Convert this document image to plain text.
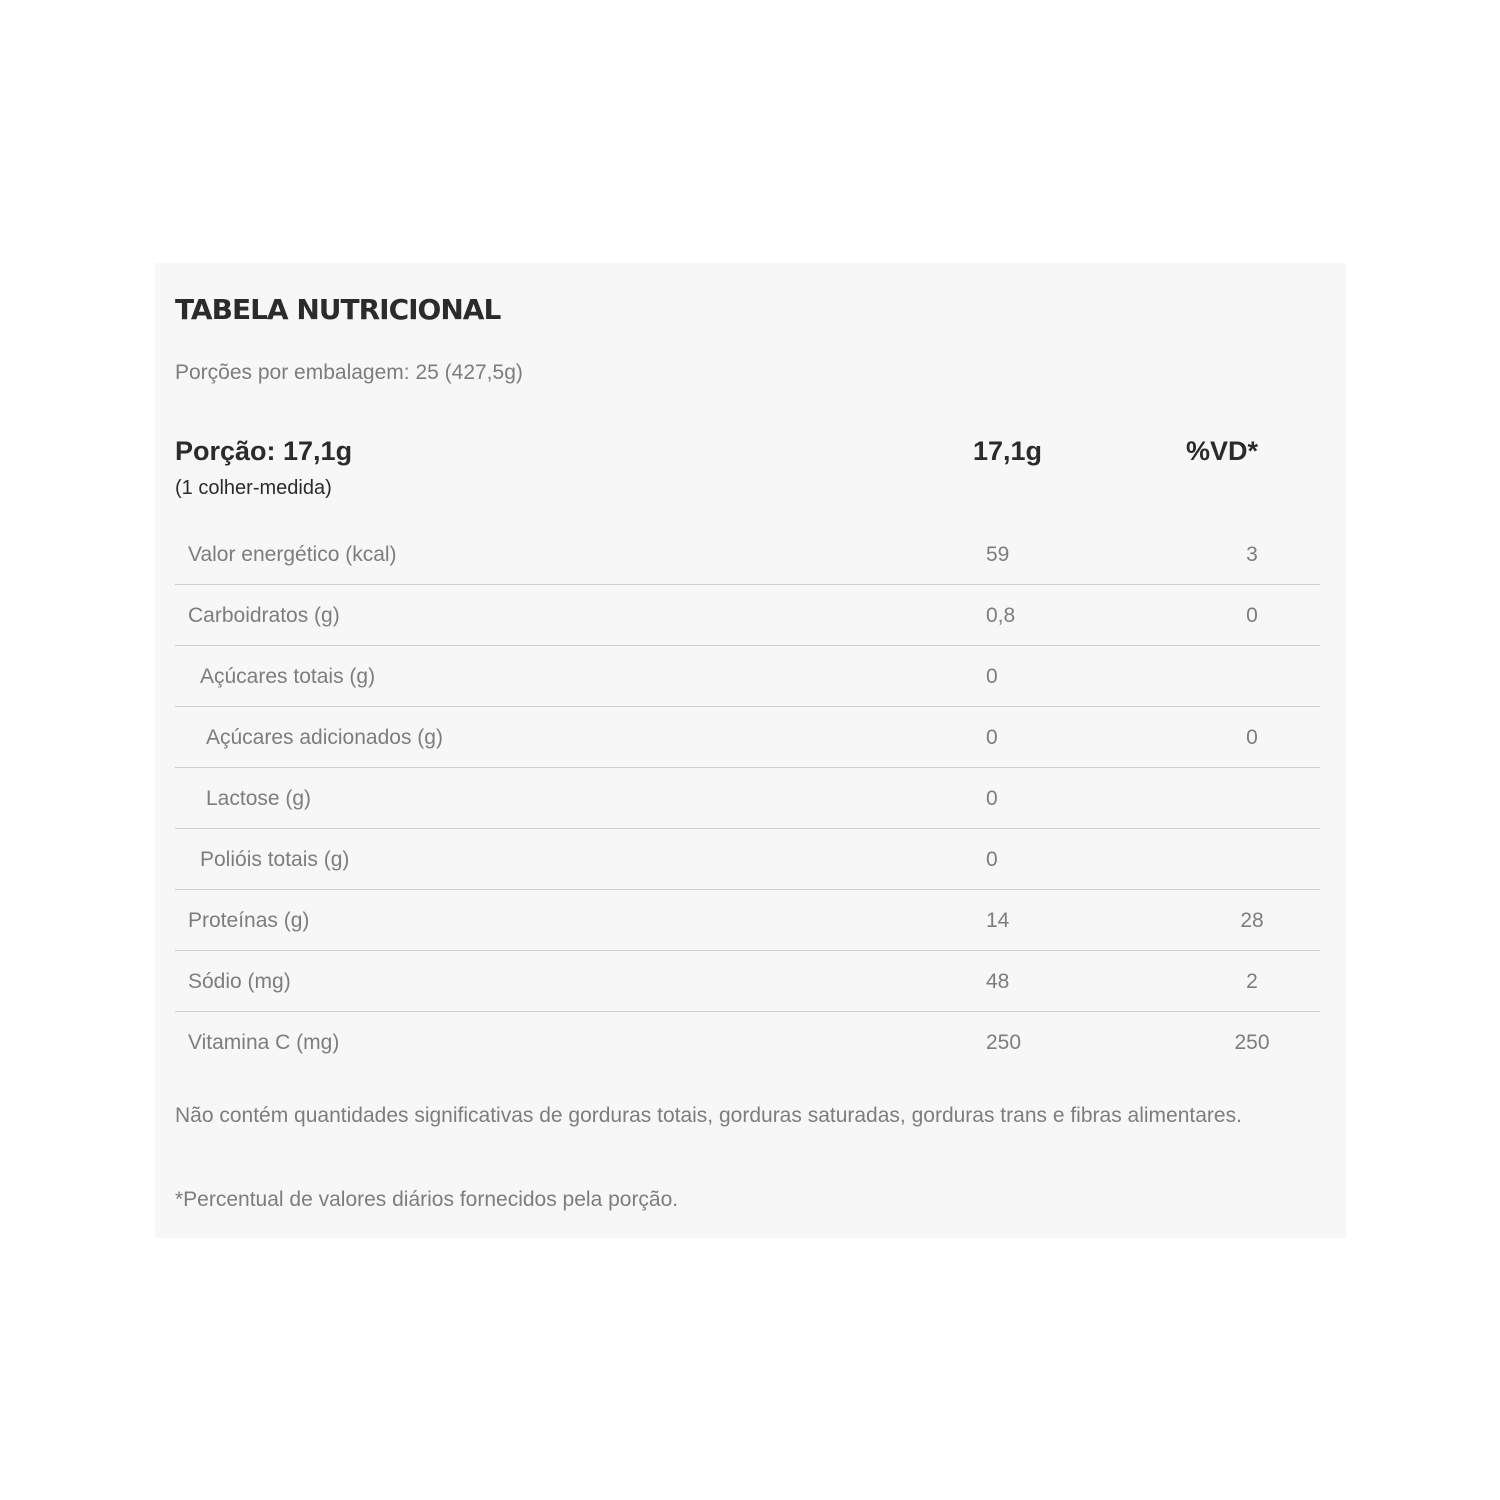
TABELA NUTRICIONAL
Porções por embalagem: 25 (427,5g)
Porção: 17,1g
(1 colher-medida)
17,1g	%VD*
Valor energético (kcal)	59	3
Carboidratos (g)	0,8	0
Açúcares totais (g)	0
Açúcares adicionados (g)	0	0
Lactose (g)	0
Polióis totais (g)	0
Proteínas (g)	14	28
Sódio (mg)	48	2
Vitamina C (mg)	250	250
Não contém quantidades significativas de gorduras totais, gorduras saturadas, gorduras trans e fibras alimentares.
*Percentual de valores diários fornecidos pela porção.
